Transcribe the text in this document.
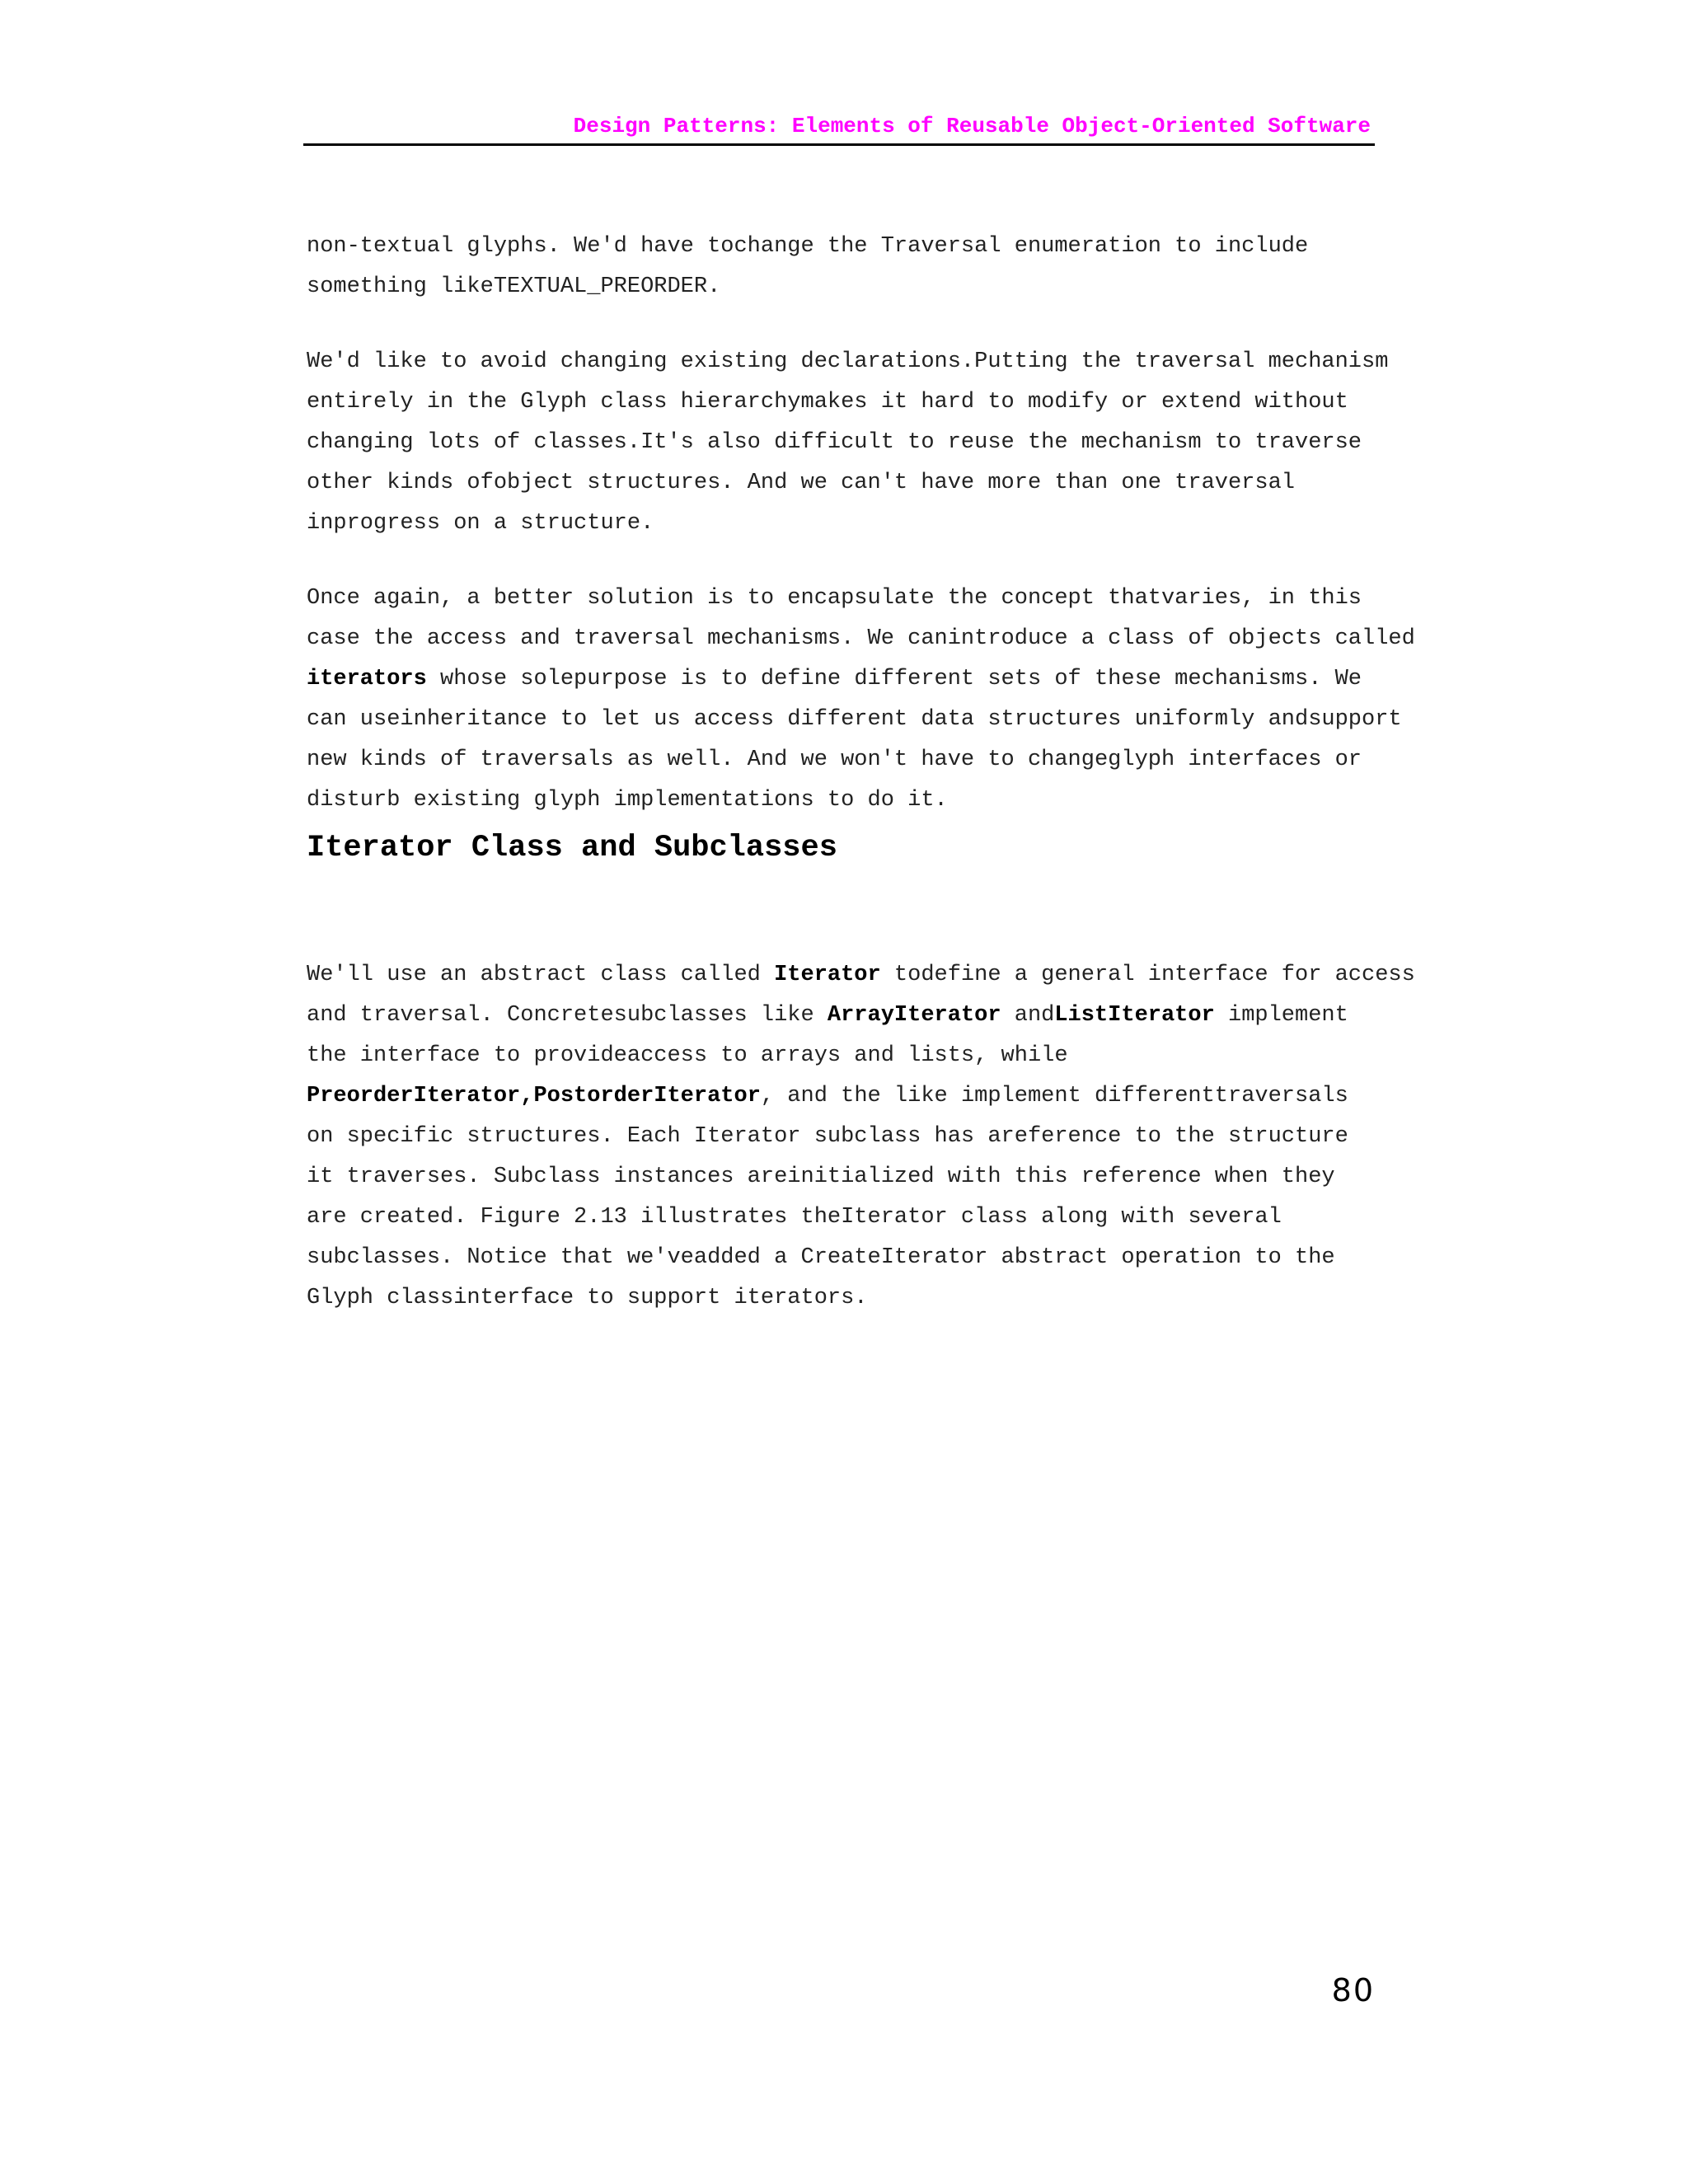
Design Patterns: Elements of Reusable Object-Oriented Software

non-textual glyphs. We'd have tochange the Traversal enumeration to include
something likeTEXTUAL_PREORDER.

We'd like to avoid changing existing declarations.Putting the traversal mechanism
entirely in the Glyph class hierarchymakes it hard to modify or extend without
changing lots of classes.It's also difficult to reuse the mechanism to traverse
other kinds ofobject structures. And we can't have more than one traversal
inprogress on a structure.

Once again, a better solution is to encapsulate the concept thatvaries, in this
case the access and traversal mechanisms. We canintroduce a class of objects called
iterators whose solepurpose is to define different sets of these mechanisms. We
can useinheritance to let us access different data structures uniformly andsupport
new kinds of traversals as well. And we won't have to changeglyph interfaces or
disturb existing glyph implementations to do it.
Iterator Class and Subclasses

We'll use an abstract class called Iterator todefine a general interface for access
and traversal. Concretesubclasses like ArrayIterator andListIterator implement
the interface to provideaccess to arrays and lists, while
PreorderIterator,PostorderIterator, and the like implement differenttraversals
on specific structures. Each Iterator subclass has areference to the structure
it traverses. Subclass instances areinitialized with this reference when they
are created. Figure 2.13 illustrates theIterator class along with several
subclasses. Notice that we'veadded a CreateIterator abstract operation to the
Glyph classinterface to support iterators.
80
